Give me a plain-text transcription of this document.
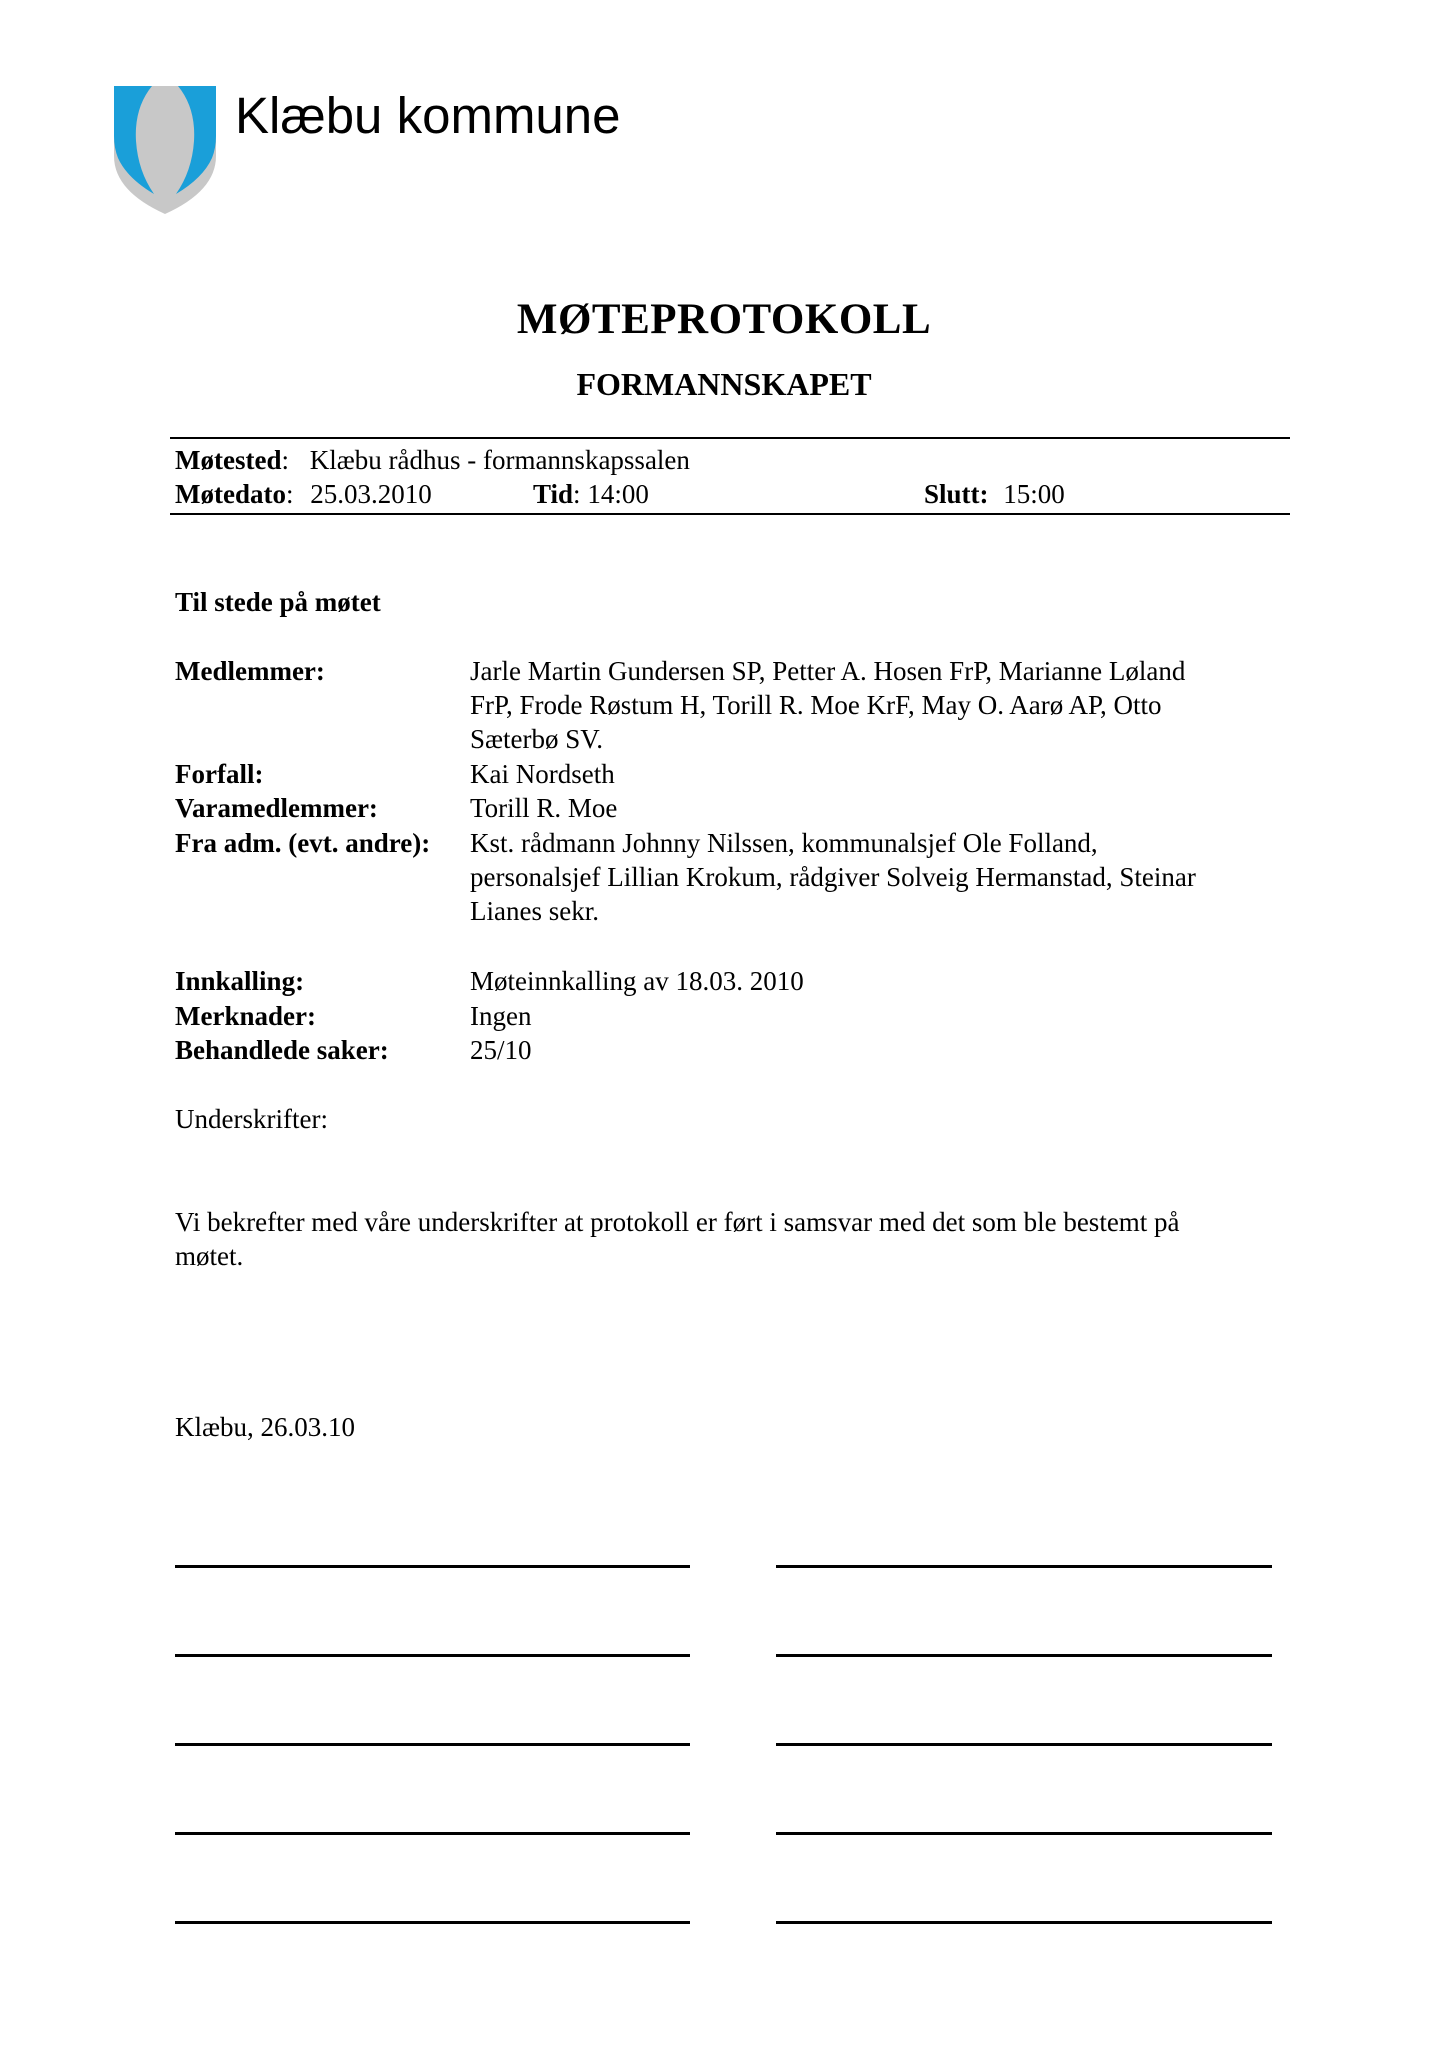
Klæbu kommune
MØTEPROTOKOLL
FORMANNSKAPET
Møtested: Klæbu rådhus - formannskapssalen
Møtedato: 25.03.2010	Tid: 14:00	Slutt: 15:00
Til stede på møtet
Medlemmer:	Jarle Martin Gundersen SP, Petter A. Hosen FrP, Marianne Løland
FrP, Frode Røstum H, Torill R. Moe KrF, May O. Aarø AP, Otto
Sæterbø SV.
Forfall:	Kai Nordseth
Varamedlemmer:	Torill R. Moe
Fra adm. (evt. andre): Kst. rådmann Johnny Nilssen, kommunalsjef Ole Folland,
personalsjef Lillian Krokum, rådgiver Solveig Hermanstad, Steinar
Lianes sekr.
Innkalling:	Møteinnkalling av 18.03. 2010
Merknader:	Ingen
Behandlede saker:	25/10
Underskrifter:
Vi bekrefter med våre underskrifter at protokoll er ført i samsvar med det som ble bestemt på
møtet.
Klæbu, 26.03.10
